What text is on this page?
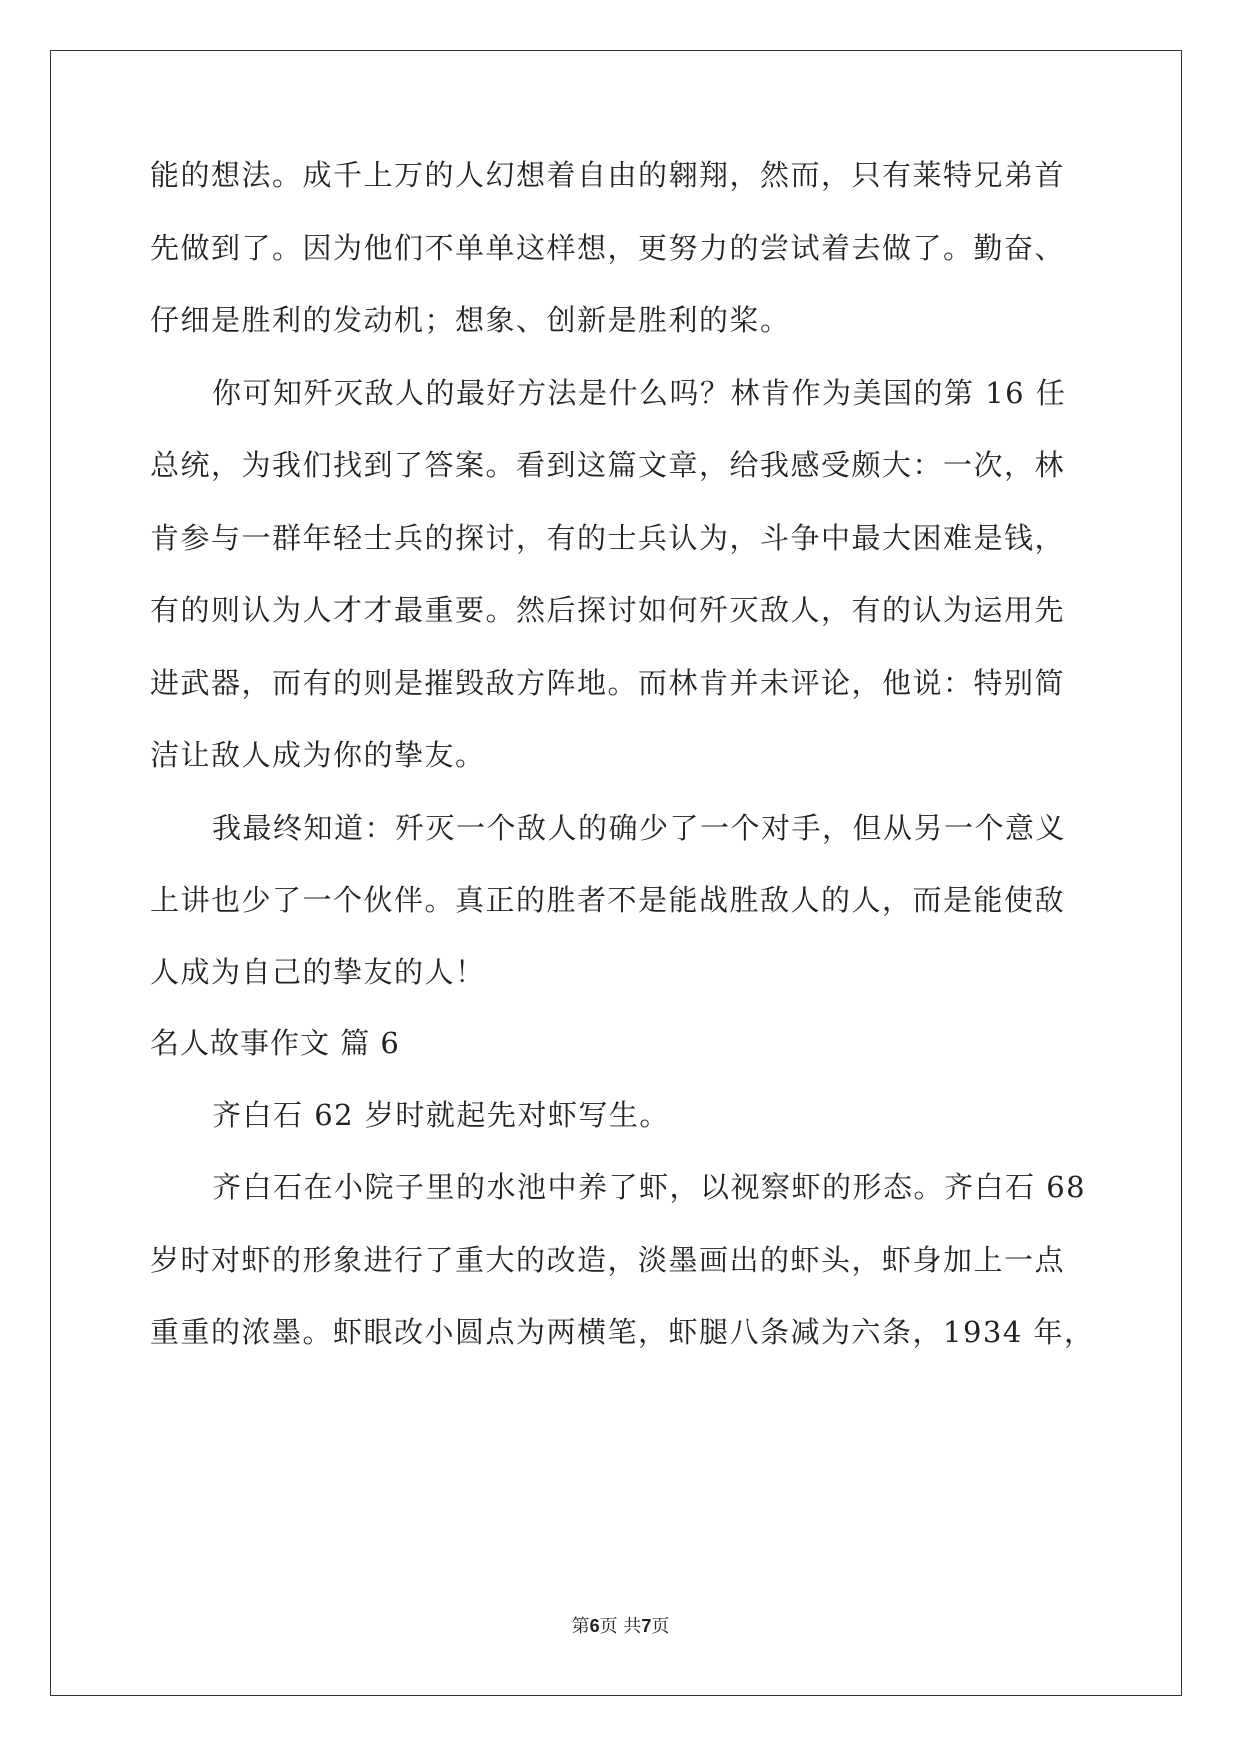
能的想法。成千上万的人幻想着自由的翱翔，然而，只有莱特兄弟首
先做到了。因为他们不单单这样想，更努力的尝试着去做了。勤奋、
仔细是胜利的发动机；想象、创新是胜利的桨。
你可知歼灭敌人的最好方法是什么吗？林肯作为美国的第 16 任
总统，为我们找到了答案。看到这篇文章，给我感受颇大：一次，林
肯参与一群年轻士兵的探讨，有的士兵认为，斗争中最大困难是钱，
有的则认为人才才最重要。然后探讨如何歼灭敌人，有的认为运用先
进武器，而有的则是摧毁敌方阵地。而林肯并未评论，他说：特别简
洁让敌人成为你的挚友。
我最终知道：歼灭一个敌人的确少了一个对手，但从另一个意义
上讲也少了一个伙伴。真正的胜者不是能战胜敌人的人，而是能使敌
人成为自己的挚友的人！
名人故事作文 篇 6
齐白石 62 岁时就起先对虾写生。
齐白石在小院子里的水池中养了虾，以视察虾的形态。齐白石 68
岁时对虾的形象进行了重大的改造，淡墨画出的虾头，虾身加上一点
重重的浓墨。虾眼改小圆点为两横笔，虾腿八条减为六条，1934 年，
第6页 共7页
